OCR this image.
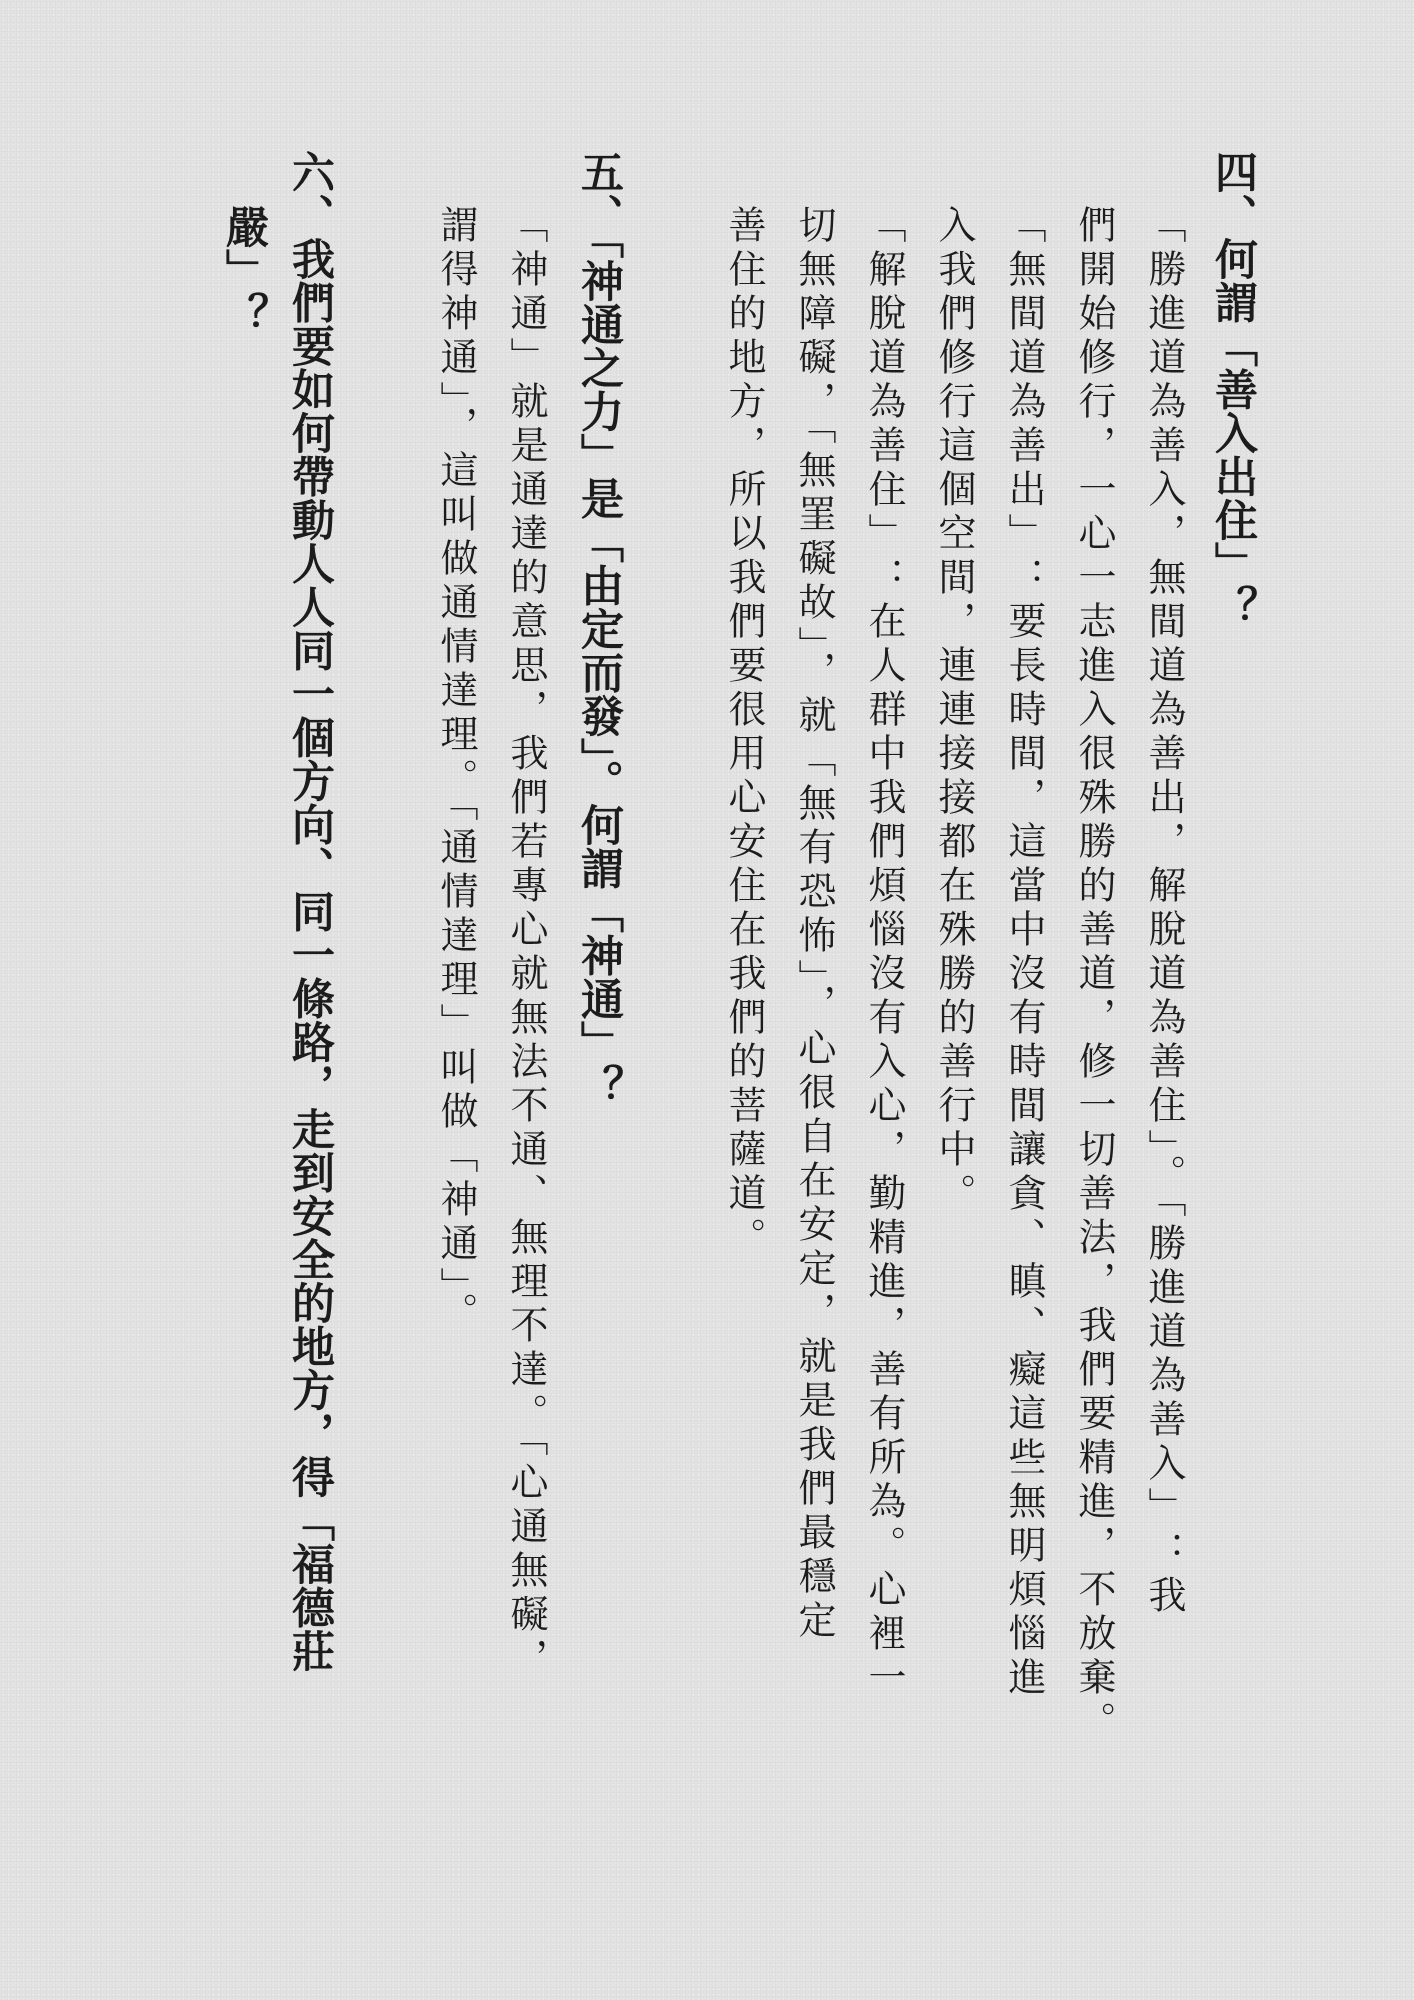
四、何謂「善入出住」？
「勝進道為善入，無間道為善出，解脫道為善住」。「勝進道為善入」：我
們開始修行，一心一志進入很殊勝的善道，修一切善法，我們要精進，不放棄。
「無間道為善出」：要長時間，這當中沒有時間讓貪、瞋、癡這些無明煩惱進
入我們修行這個空間，連連接接都在殊勝的善行中。
「解脫道為善住」：在人群中我們煩惱沒有入心，勤精進，善有所為。心裡一
切無障礙，「無罣礙故」，就「無有恐怖」，心很自在安定，就是我們最穩定
善住的地方，所以我們要很用心安住在我們的菩薩道。
五、「神通之力」是「由定而發」。何謂「神通」？
「神通」就是通達的意思，我們若專心就無法不通、無理不達。「心通無礙，
謂得神通」，這叫做通情達理。「通情達理」叫做「神通」。
六、我們要如何帶動人人同一個方向、同一條路，走到安全的地方，得「福德莊
嚴」？
